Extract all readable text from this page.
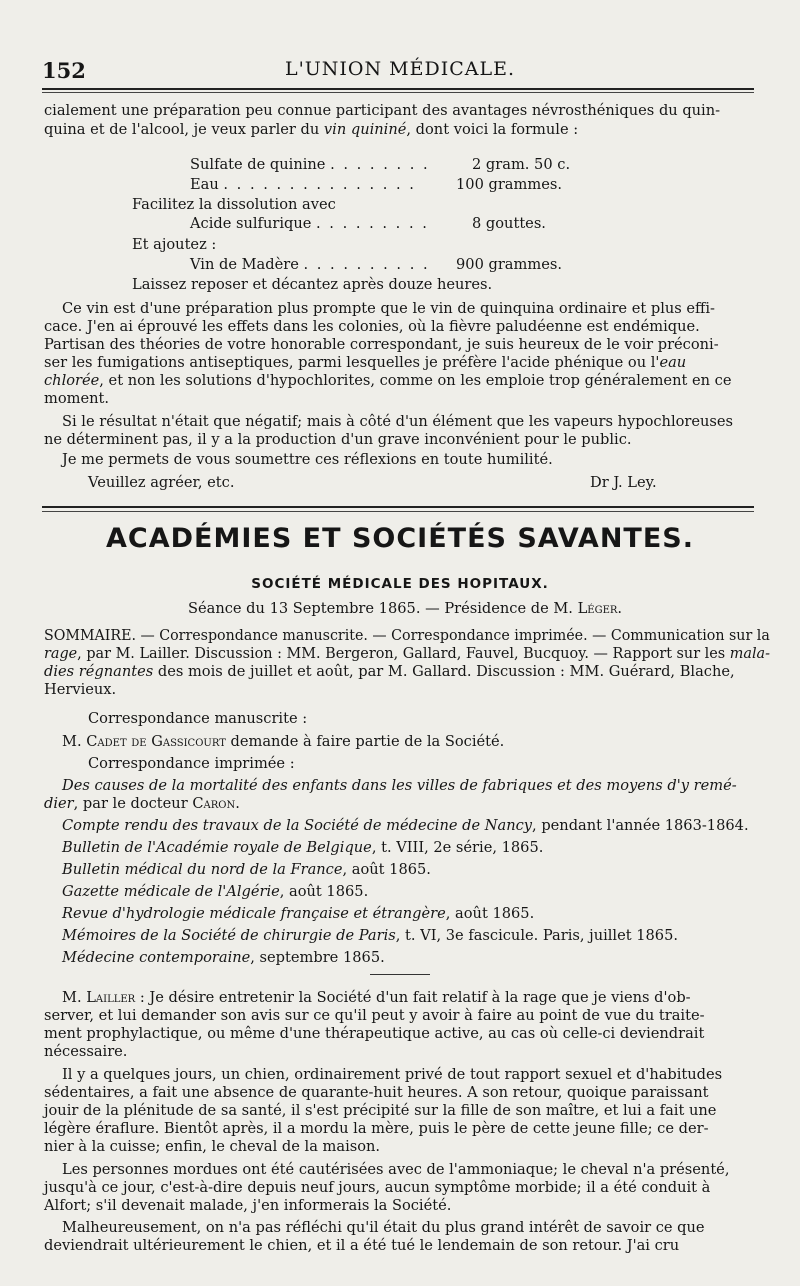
152	L'UNION MÉDICALE.
cialement une préparation peu connue participant des avantages névrosthéniques du quin-
quina et de l'alcool, je veux parler du vin quininé, dont voici la formule :
Sulfate de quinine . . . . . . . .	2 gram. 50 c.
Eau . . . . . . . . . . . . . . .	100 grammes.
Facilitez la dissolution avec
Acide sulfurique . . . . . . . . .	8 gouttes.
Et ajoutez :
Vin de Madère . . . . . . . . . . 900 grammes.
Laissez reposer et décantez après douze heures.
Ce vin est d'une préparation plus prompte que le vin de quinquina ordinaire et plus effi-
cace. J'en ai éprouvé les effets dans les colonies, où la fièvre paludéenne est endémique.
Partisan des théories de votre honorable correspondant, je suis heureux de le voir préconi-
ser les fumigations antiseptiques, parmi lesquelles je préfère l'acide phénique ou l'eau
chlorée, et non les solutions d'hypochlorites, comme on les emploie trop généralement en ce
moment.
Si le résultat n'était que négatif; mais à côté d'un élément que les vapeurs hypochloreuses
ne déterminent pas, il y a la production d'un grave inconvénient pour le public.
Je me permets de vous soumettre ces réflexions en toute humilité.
Veuillez agréer, etc.	Dr J. Ley.
ACADÉMIES ET SOCIÉTÉS SAVANTES.
SOCIÉTÉ MÉDICALE DES HOPITAUX.
Séance du 13 Septembre 1865. — Présidence de M. Léger.
SOMMAIRE. — Correspondance manuscrite. — Correspondance imprimée. — Communication sur la
rage, par M. Lailler. Discussion : MM. Bergeron, Gallard, Fauvel, Bucquoy. — Rapport sur les mala-
dies régnantes des mois de juillet et août, par M. Gallard. Discussion : MM. Guérard, Blache,
Hervieux.
Correspondance manuscrite :
M. Cadet de Gassicourt demande à faire partie de la Société.
Correspondance imprimée :
Des causes de la mortalité des enfants dans les villes de fabriques et des moyens d'y remé-
dier, par le docteur Caron.
Compte rendu des travaux de la Société de médecine de Nancy, pendant l'année 1863-1864.
Bulletin de l'Académie royale de Belgique, t. VIII, 2e série, 1865.
Bulletin médical du nord de la France, août 1865.
Gazette médicale de l'Algérie, août 1865.
Revue d'hydrologie médicale française et étrangère, août 1865.
Mémoires de la Société de chirurgie de Paris, t. VI, 3e fascicule. Paris, juillet 1865.
Médecine contemporaine, septembre 1865.
M. Lailler : Je désire entretenir la Société d'un fait relatif à la rage que je viens d'ob-
server, et lui demander son avis sur ce qu'il peut y avoir à faire au point de vue du traite-
ment prophylactique, ou même d'une thérapeutique active, au cas où celle-ci deviendrait
nécessaire.
Il y a quelques jours, un chien, ordinairement privé de tout rapport sexuel et d'habitudes
sédentaires, a fait une absence de quarante-huit heures. A son retour, quoique paraissant
jouir de la plénitude de sa santé, il s'est précipité sur la fille de son maître, et lui a fait une
légère éraflure. Bientôt après, il a mordu la mère, puis le père de cette jeune fille; ce der-
nier à la cuisse; enfin, le cheval de la maison.
Les personnes mordues ont été cautérisées avec de l'ammoniaque; le cheval n'a présenté,
jusqu'à ce jour, c'est-à-dire depuis neuf jours, aucun symptôme morbide; il a été conduit à
Alfort; s'il devenait malade, j'en informerais la Société.
Malheureusement, on n'a pas réfléchi qu'il était du plus grand intérêt de savoir ce que
deviendrait ultérieurement le chien, et il a été tué le lendemain de son retour. J'ai cru
